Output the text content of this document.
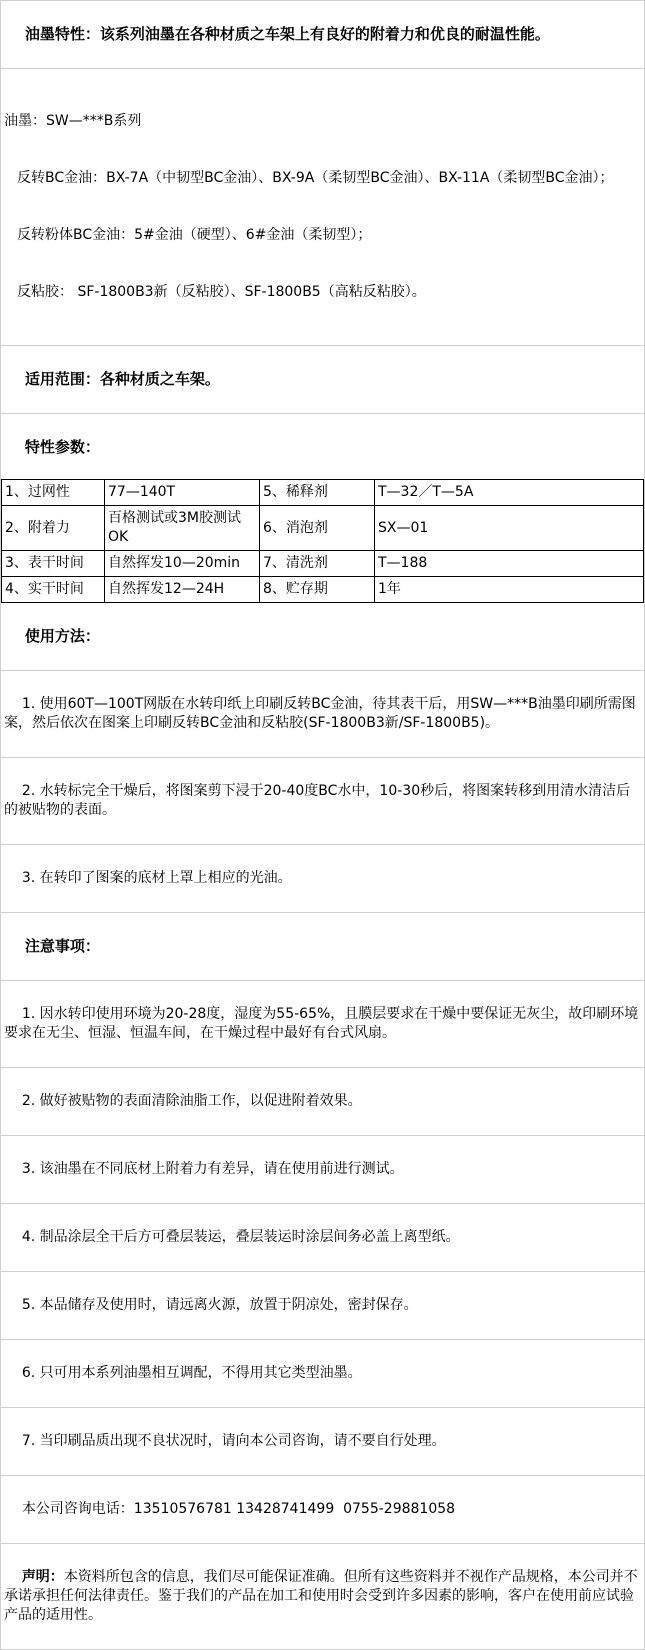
油墨特性：该系列油墨在各种材质之车架上有良好的附着力和优良的耐温性能。

油墨：SW—***B系列

反转BC金油：BX-7A（中韧型BC金油）、BX-9A（柔韧型BC金油）、BX-11A（柔韧型BC金油）；

反转粉体BC金油：5#金油（硬型）、6#金油（柔韧型）；

反粘胶： SF-1800B3新（反粘胶）、SF-1800B5（高粘反粘胶）。

适用范围：各种材质之车架。

特性参数：

1、过网性	77—140T	5、稀释剂	T—32／T—5A
2、附着力	百格测试或3M胶测试OK	6、消泡剂	SX—01
3、表干时间	自然挥发10—20min	7、清洗剂	T—188
4、实干时间	自然挥发12—24H	8、贮存期	1年

使用方法：

1. 使用60T—100T网版在水转印纸上印刷反转BC金油，待其表干后，用SW—***B油墨印刷所需图案，然后依次在图案上印刷反转BC金油和反粘胶(SF-1800B3新/SF-1800B5)。

2. 水转标完全干燥后，将图案剪下浸于20-40度BC水中，10-30秒后，将图案转移到用清水清洁后的被贴物的表面。

3. 在转印了图案的底材上罩上相应的光油。

注意事项：

1. 因水转印使用环境为20-28度，湿度为55-65%，且膜层要求在干燥中要保证无灰尘，故印刷环境要求在无尘、恒湿、恒温车间，在干燥过程中最好有台式风扇。

2. 做好被贴物的表面清除油脂工作，以促进附着效果。

3. 该油墨在不同底材上附着力有差异，请在使用前进行测试。

4. 制品涂层全干后方可叠层装运，叠层装运时涂层间务必盖上离型纸。

5. 本品储存及使用时，请远离火源，放置于阴凉处，密封保存。

6. 只可用本系列油墨相互调配，不得用其它类型油墨。

7. 当印刷品质出现不良状况时，请向本公司咨询，请不要自行处理。

本公司咨询电话：13510576781 13428741499  0755-29881058

声明：本资料所包含的信息，我们尽可能保证准确。但所有这些资料并不视作产品规格，本公司并不承诺承担任何法律责任。鉴于我们的产品在加工和使用时会受到许多因素的影响，客户在使用前应试验产品的适用性。
